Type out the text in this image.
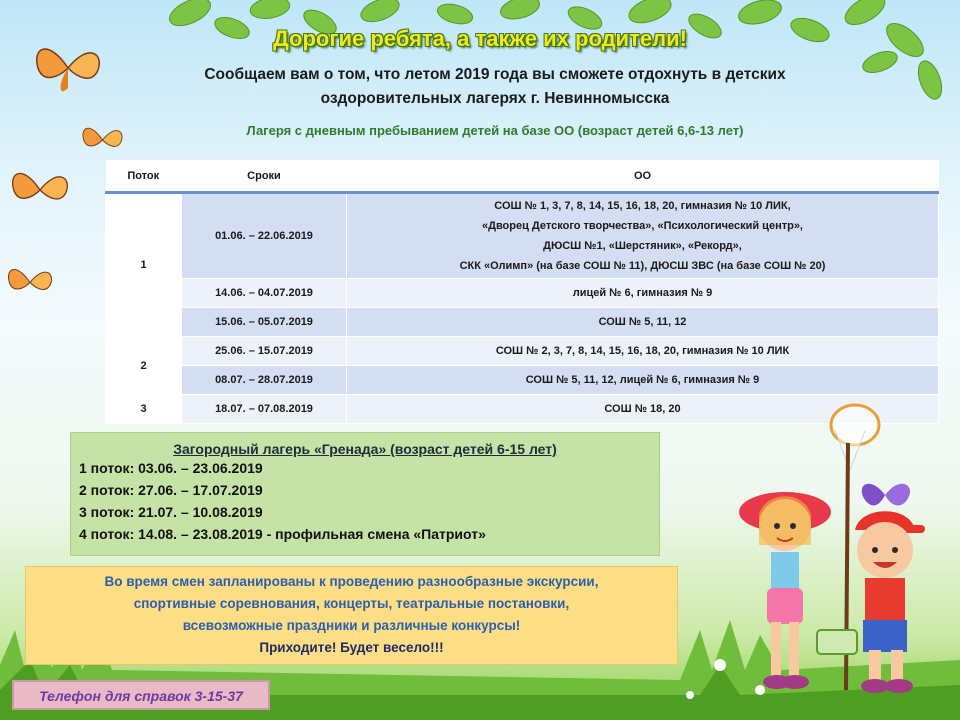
Дорогие ребята, а также их родители!
Сообщаем вам о том, что летом 2019 года вы сможете отдохнуть в детских
оздоровительных лагерях г. Невинномысска
Лагеря с дневным пребыванием детей на базе ОО (возраст детей 6,6-13 лет)
Поток	Сроки	ОО
1	01.06. – 22.06.2019	СОШ № 1, 3, 7, 8, 14, 15, 16, 18, 20, гимназия № 10 ЛИК,
«Дворец Детского творчества», «Психологический центр»,
ДЮСШ №1, «Шерстяник», «Рекорд»,
СКК «Олимп» (на базе СОШ № 11), ДЮСШ ЗВС (на базе СОШ № 20)

	14.06. – 04.07.2019	лицей № 6, гимназия № 9
	15.06. – 05.07.2019	СОШ № 5, 11, 12
2	25.06. – 15.07.2019	СОШ № 2, 3, 7, 8, 14, 15, 16, 18, 20, гимназия № 10 ЛИК
	08.07. – 28.07.2019	СОШ № 5, 11, 12, лицей № 6, гимназия № 9
3	18.07. – 07.08.2019	СОШ № 18, 20
Загородный лагерь «Гренада» (возраст детей 6-15 лет)
1 поток: 03.06. – 23.06.2019
2 поток: 27.06. – 17.07.2019
3 поток: 21.07. – 10.08.2019
4 поток: 14.08. – 23.08.2019 - профильная смена «Патриот»
Во время смен запланированы к проведению разнообразные экскурсии,
спортивные соревнования, концерты, театральные постановки,
всевозможные праздники и различные конкурсы!
Приходите! Будет весело!!!
Телефон для справок 3-15-37
